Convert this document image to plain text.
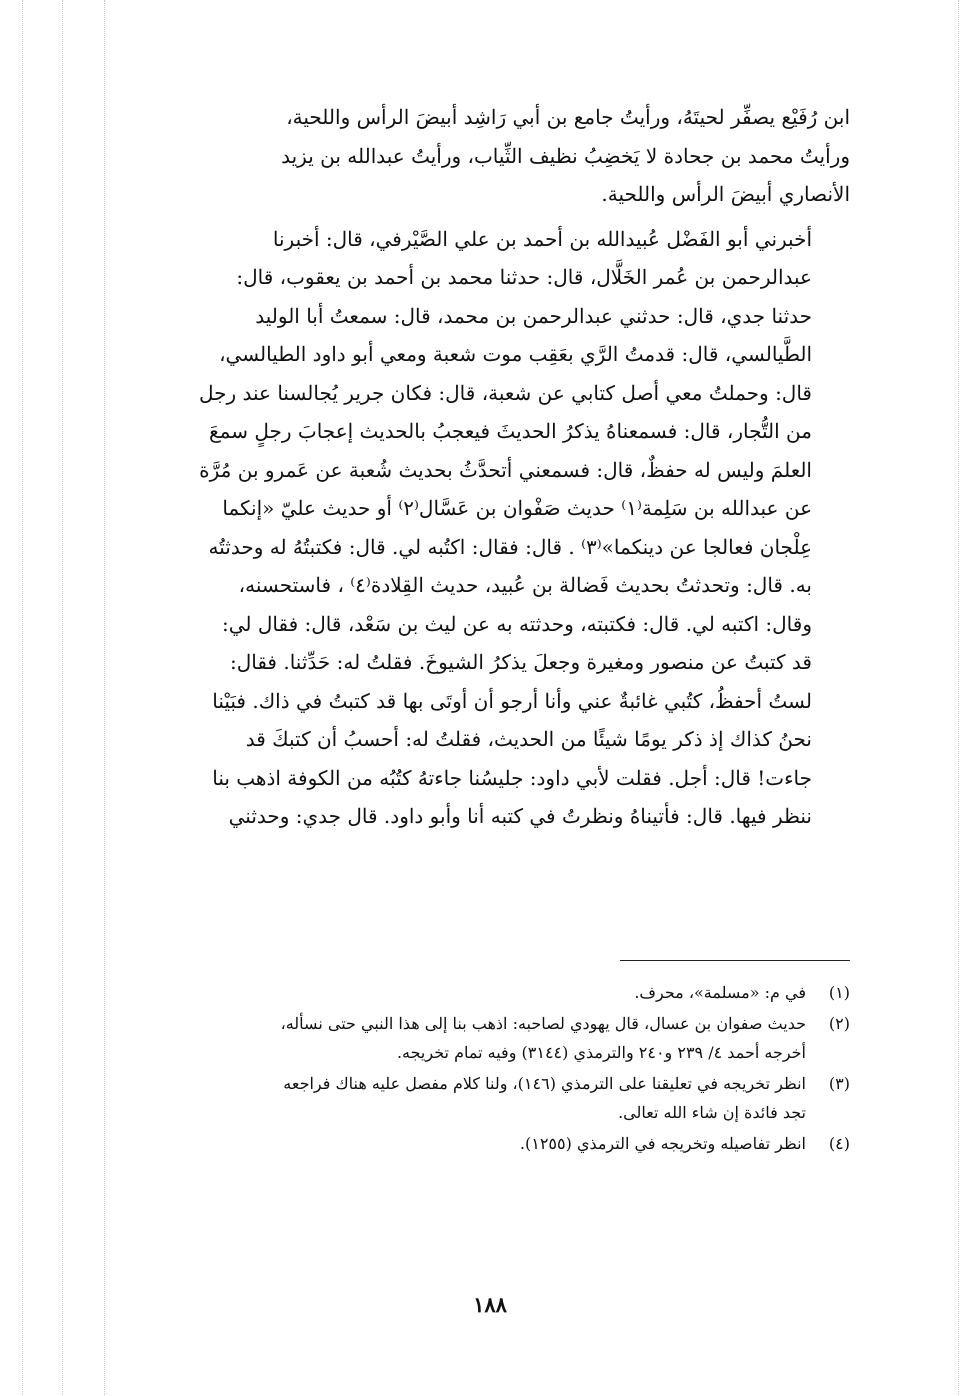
ابن رُفَيْع يصفِّر لحيتَهُ، ورأيتُ جامع بن أبي رَاشِد أبيضَ الرأس واللحية،
ورأيتُ محمد بن جحادة لا يَخضِبُ نظيف الثِّياب، ورأيتُ عبدالله بن يزيد
الأنصاري أبيضَ الرأس واللحية.

أخبرني أبو الفَضْل عُبيدالله بن أحمد بن علي الصَّيْرفي، قال: أخبرنا
عبدالرحمن بن عُمر الخَلَّال، قال: حدثنا محمد بن أحمد بن يعقوب، قال:
حدثنا جدي، قال: حدثني عبدالرحمن بن محمد، قال: سمعتُ أبا الوليد
الطَّيالسي، قال: قدمتُ الرَّي بعَقِب موت شعبة ومعي أبو داود الطيالسي،
قال: وحملتُ معي أصل كتابي عن شعبة، قال: فكان جرير يُجالسنا عند رجل
من التُّجار، قال: فسمعناهُ يذكرُ الحديثَ فيعجبُ بالحديث إعجابَ رجلٍ سمعَ
العلمَ وليس له حفظٌ، قال: فسمعني أتحدَّثُ بحديث شُعبة عن عَمرو بن مُرَّة
عن عبدالله بن سَلِمة⁽١⁾ حديث صَفْوان بن عَسَّال⁽٢⁾ أو حديث عليّ «إنكما
عِلْجان فعالجا عن دينكما»⁽٣⁾ . قال: فقال: اكتُبه لي. قال: فكتبتُهُ له وحدثتُه
به. قال: وتحدثتُ بحديث فَضالة بن عُبيد، حديث القِلادة⁽٤⁾ ، فاستحسنه،
وقال: اكتبه لي. قال: فكتبته، وحدثته به عن ليث بن سَعْد، قال: فقال لي:
قد كتبتُ عن منصور ومغيرة وجعلَ يذكرُ الشيوخَ. فقلتُ له: حَدِّثنا. فقال:
لستُ أحفظُ، كتُبي غائبةٌ عني وأنا أرجو أن أوتَى بها قد كتبتُ في ذاك. فبَيْنا
نحنُ كذاك إذ ذكر يومًا شيئًا من الحديث، فقلتُ له: أحسبُ أن كتبكَ قد
جاءت! قال: أجل. فقلت لأبي داود: جليسُنا جاءتهُ كتُبُه من الكوفة اذهب بنا
ننظر فيها. قال: فأتيناهُ ونظرتُ في كتبه أنا وأبو داود. قال جدي: وحدثني

(١)
في م: «مسلمة»، محرف.
(٢)
حديث صفوان بن عسال، قال يهودي لصاحبه: اذهب بنا إلى هذا النبي حتى نسأله،
أخرجه أحمد ٤/ ٢٣٩ و٢٤٠ والترمذي (٣١٤٤) وفيه تمام تخريجه.
(٣)
انظر تخريجه في تعليقنا على الترمذي (١٤٦)، ولنا كلام مفصل عليه هناك فراجعه
تجد فائدة إن شاء الله تعالى.
(٤)
انظر تفاصيله وتخريجه في الترمذي (١٢٥٥).
١٨٨
